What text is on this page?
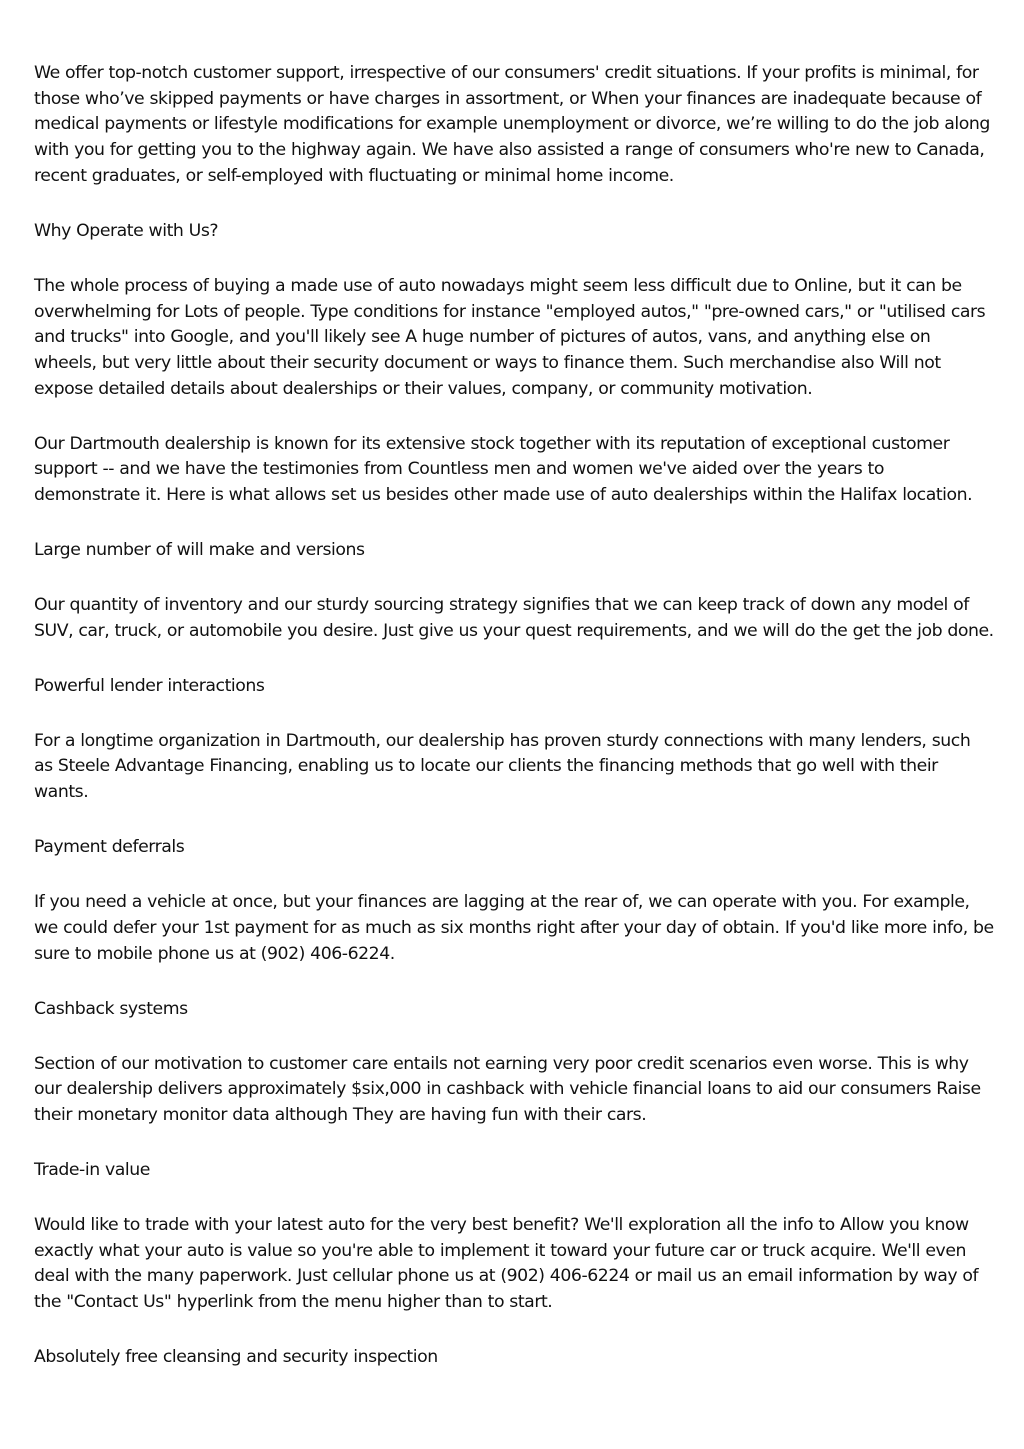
We offer top-notch customer support, irrespective of our consumers' credit situations. If your profits is minimal, for those who’ve skipped payments or have charges in assortment, or When your finances are inadequate because of medical payments or lifestyle modifications for example unemployment or divorce, we’re willing to do the job along with you for getting you to the highway again. We have also assisted a range of consumers who're new to Canada, recent graduates, or self-employed with fluctuating or minimal home income.

Why Operate with Us?

The whole process of buying a made use of auto nowadays might seem less difficult due to Online, but it can be overwhelming for Lots of people. Type conditions for instance "employed autos," "pre-owned cars," or "utilised cars and trucks" into Google, and you'll likely see A huge number of pictures of autos, vans, and anything else on wheels, but very little about their security document or ways to finance them. Such merchandise also Will not expose detailed details about dealerships or their values, company, or community motivation.

Our Dartmouth dealership is known for its extensive stock together with its reputation of exceptional customer support -- and we have the testimonies from Countless men and women we've aided over the years to demonstrate it. Here is what allows set us besides other made use of auto dealerships within the Halifax location.

Large number of will make and versions

Our quantity of inventory and our sturdy sourcing strategy signifies that we can keep track of down any model of SUV, car, truck, or automobile you desire. Just give us your quest requirements, and we will do the get the job done.

Powerful lender interactions

For a longtime organization in Dartmouth, our dealership has proven sturdy connections with many lenders, such as Steele Advantage Financing, enabling us to locate our clients the financing methods that go well with their wants.

Payment deferrals

If you need a vehicle at once, but your finances are lagging at the rear of, we can operate with you. For example, we could defer your 1st payment for as much as six months right after your day of obtain. If you'd like more info, be sure to mobile phone us at (902) 406-6224.

Cashback systems

Section of our motivation to customer care entails not earning very poor credit scenarios even worse. This is why our dealership delivers approximately $six,000 in cashback with vehicle financial loans to aid our consumers Raise their monetary monitor data although They are having fun with their cars.

Trade-in value

Would like to trade with your latest auto for the very best benefit? We'll exploration all the info to Allow you know exactly what your auto is value so you're able to implement it toward your future car or truck acquire. We'll even deal with the many paperwork. Just cellular phone us at (902) 406-6224 or mail us an email information by way of the "Contact Us" hyperlink from the menu higher than to start.

Absolutely free cleansing and security inspection
